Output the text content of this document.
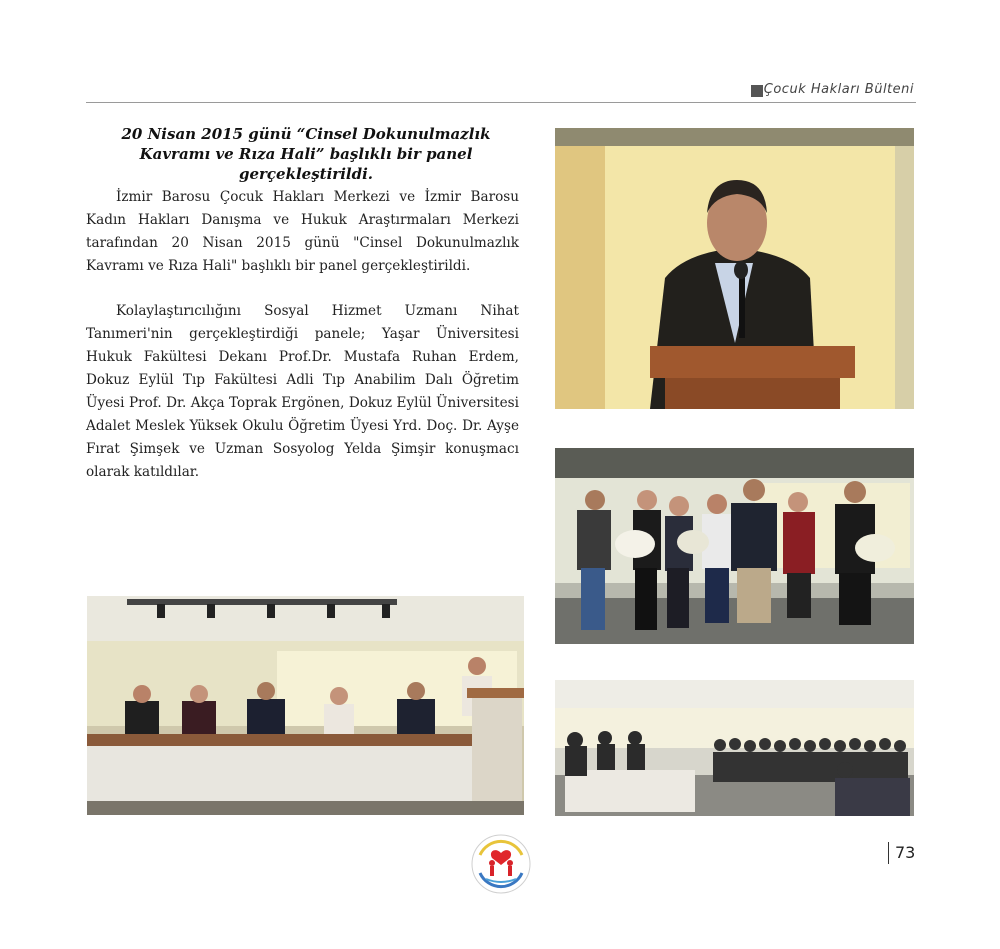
Çocuk Hakları Bülteni
20 Nisan 2015 günü “Cinsel Dokunulmazlık
Kavramı ve Rıza Hali” başlıklı bir panel gerçekleştirildi.

İzmir Barosu Çocuk Hakları Merkezi ve İzmir Barosu Kadın Hakları Danışma ve Hukuk Araştırmaları Merkezi tarafından 20 Nisan 2015 günü "Cinsel Dokunulmazlık Kavramı ve Rıza Hali" başlıklı bir panel gerçekleştirildi.

Kolaylaştırıcılığını Sosyal Hizmet Uzmanı Nihat Tanımeri'nin gerçekleştirdiği panele; Yaşar Üniversitesi Hukuk Fakültesi Dekanı Prof.Dr. Mustafa Ruhan Erdem, Dokuz Eylül Tıp Fakültesi Adli Tıp Anabilim Dalı Öğretim Üyesi Prof. Dr. Akça Toprak Ergönen, Dokuz Eylül Üniversitesi Adalet Meslek Yüksek Okulu Öğretim Üyesi Yrd. Doç. Dr. Ayşe Fırat Şimşek ve Uzman Sosyolog Yelda Şimşir konuşmacı olarak katıldılar.

73
